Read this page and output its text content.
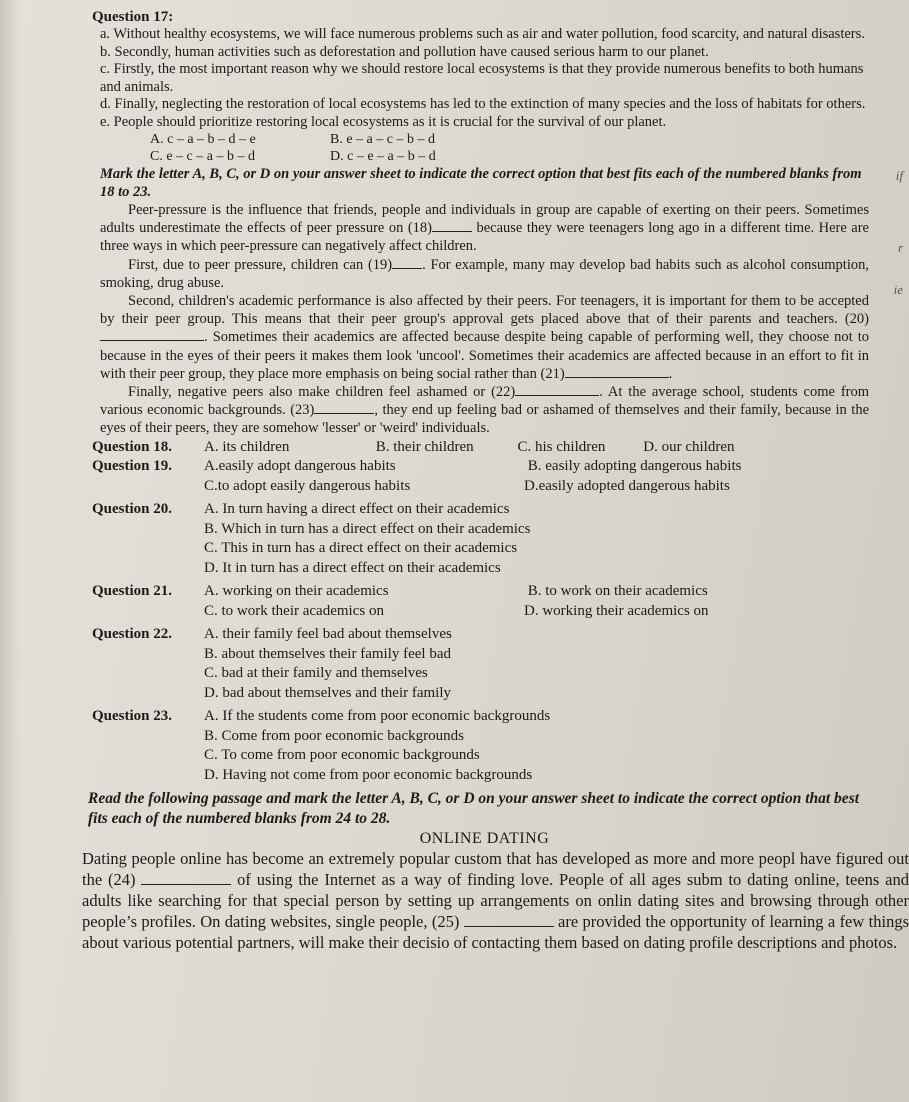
if
r
ie

Question 17:

a. Without healthy ecosystems, we will face numerous problems such as air and water pollution, food scarcity, and natural disasters.

b. Secondly, human activities such as deforestation and pollution have caused serious harm to our planet.

c. Firstly, the most important reason why we should restore local ecosystems is that they provide numerous benefits to both humans and animals.

d. Finally, neglecting the restoration of local ecosystems has led to the extinction of many species and the loss of habitats for others.

e. People should prioritize restoring local ecosystems as it is crucial for the survival of our planet.

A. c – a – b – d – e	B. e – a – c – b – d
C. e – c – a – b – d	D. c – e – a – b – d

Mark the letter A, B, C, or D on your answer sheet to indicate the correct option that best fits each of the numbered blanks from 18 to 23.

Peer-pressure is the influence that friends, people and individuals in group are capable of exerting on their peers. Sometimes adults underestimate the effects of peer pressure on (18)	because they were teenagers long ago in a different time. Here are three ways in which peer-pressure can negatively affect children.

First, due to peer pressure, children can (19) . For example, many may develop bad habits such as alcohol consumption, smoking, drug abuse.

Second, children's academic performance is also affected by their peers. For teenagers, it is important for them to be accepted by their peer group. This means that their peer group's approval gets placed above that of their parents and teachers. (20) . Sometimes their academics are affected because despite being capable of performing well, they choose not to because in the eyes of their peers it makes them look 'uncool'. Sometimes their academics are affected because in an effort to fit in with their peer group, they place more emphasis on being social rather than (21)	.

Finally, negative peers also make children feel ashamed or (22)	. At the average school, students come from various economic backgrounds. (23)	, they end up feeling bad or ashamed of themselves and their family, because in the eyes of their peers, they are somehow 'lesser' or 'weird' individuals.

Question 18.	A. its children	B. their children	C. his children	D. our children
Question 19.	A.easily adopt dangerous habits	B. easily adopting dangerous habits
C.to adopt easily dangerous habits	D.easily adopted dangerous habits
Question 20.	A. In turn having a direct effect on their academics
B. Which in turn has a direct effect on their academics
C. This in turn has a direct effect on their academics
D. It in turn has a direct effect on their academics
Question 21.	A. working on their academics	B. to work on their academics
C. to work their academics on	D. working their academics on
Question 22.	A. their family feel bad about themselves
B. about themselves their family feel bad
C. bad at their family and themselves
D. bad about themselves and their family
Question 23.	A. If the students come from poor economic backgrounds
B. Come from poor economic backgrounds
C. To come from poor economic backgrounds
D. Having not come from poor economic backgrounds

Read the following passage and mark the letter A, B, C, or D on your answer sheet to indicate the correct option that best fits each of the numbered blanks from 24 to 28.

ONLINE DATING

Dating people online has become an extremely popular custom that has developed as more and more peopl have figured out the (24)	of using the Internet as a way of finding love. People of all ages subm to dating online, teens and adults like searching for that special person by setting up arrangements on onlin dating sites and browsing through other people’s profiles. On dating websites, single people, (25)	are provided the opportunity of learning a few things about various potential partners, will make their decisio of contacting them based on dating profile descriptions and photos.
